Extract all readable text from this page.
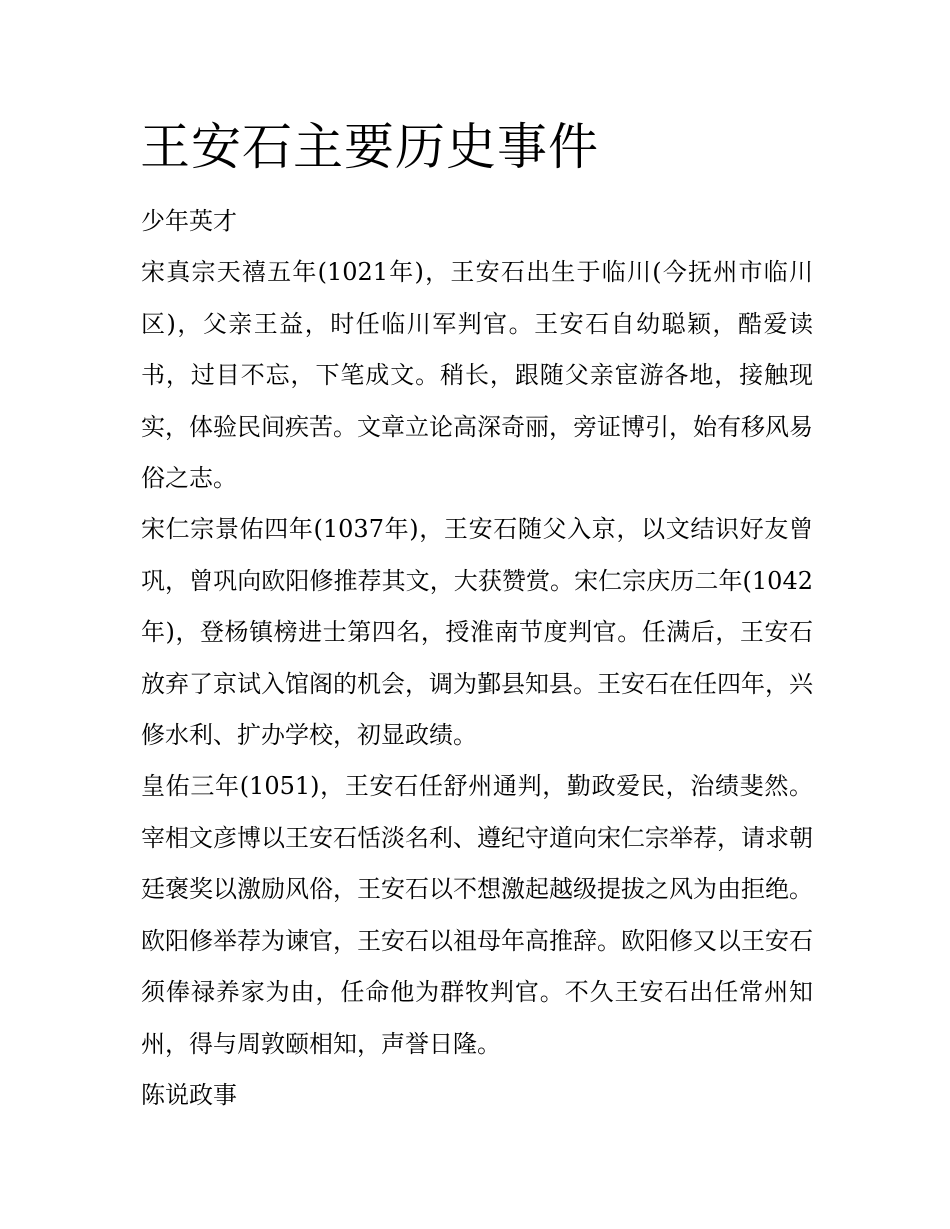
王安石主要历史事件

少年英才

宋真宗天禧五年(1021年)，王安石出生于临川(今抚州市临川区)，父亲王益，时任临川军判官。王安石自幼聪颖，酷爱读书，过目不忘，下笔成文。稍长，跟随父亲宦游各地，接触现实，体验民间疾苦。文章立论高深奇丽，旁证博引，始有移风易俗之志。

宋仁宗景佑四年(1037年)，王安石随父入京，以文结识好友曾巩，曾巩向欧阳修推荐其文，大获赞赏。宋仁宗庆历二年(1042年)，登杨镇榜进士第四名，授淮南节度判官。任满后，王安石放弃了京试入馆阁的机会，调为鄞县知县。王安石在任四年，兴修水利、扩办学校，初显政绩。

皇佑三年(1051)，王安石任舒州通判，勤政爱民，治绩斐然。宰相文彦博以王安石恬淡名利、遵纪守道向宋仁宗举荐，请求朝廷褒奖以激励风俗，王安石以不想激起越级提拔之风为由拒绝。欧阳修举荐为谏官，王安石以祖母年高推辞。欧阳修又以王安石须俸禄养家为由，任命他为群牧判官。不久王安石出任常州知州，得与周敦颐相知，声誉日隆。

陈说政事
